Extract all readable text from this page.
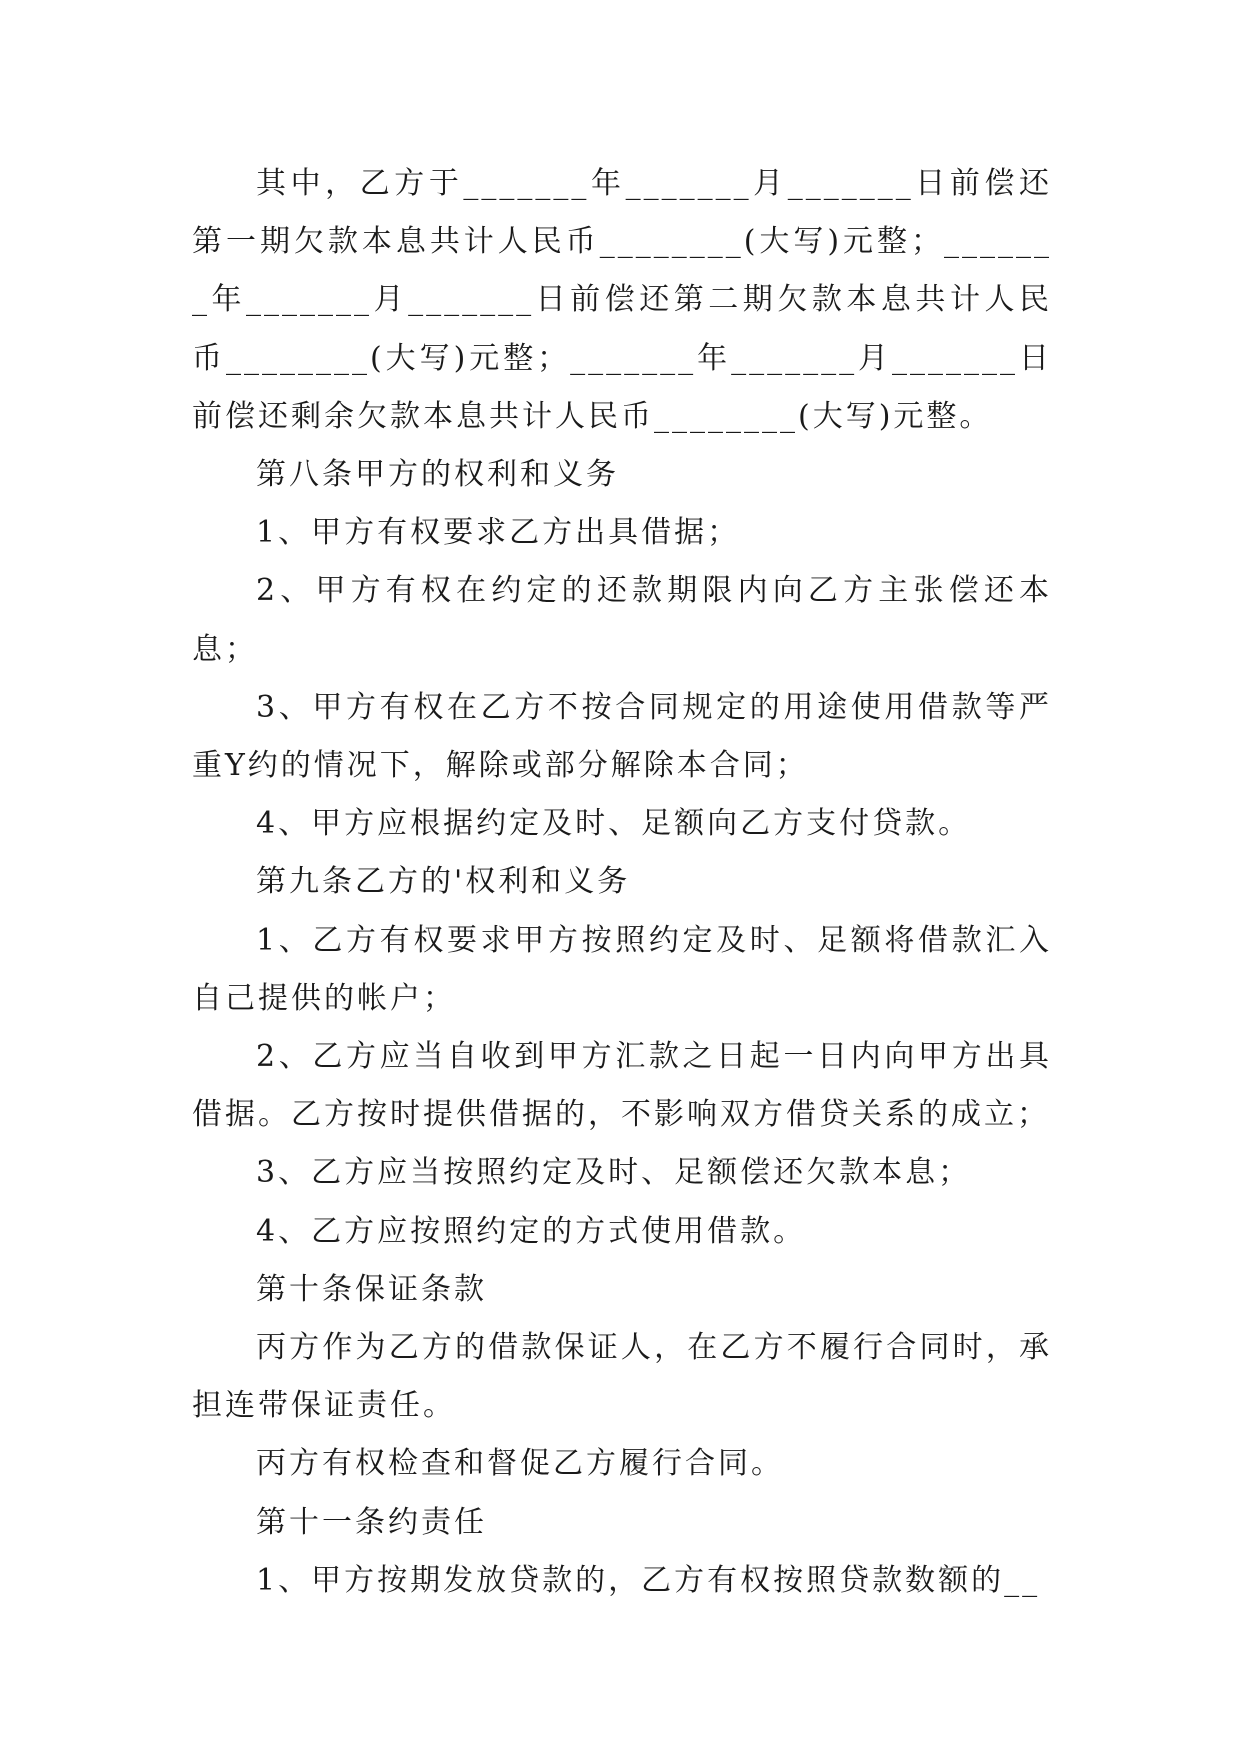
其中，乙方于_______年_______月_______日前偿还第一期欠款本息共计人民币________(大写)元整；_______年_______月_______日前偿还第二期欠款本息共计人民币________(大写)元整；_______年_______月_______日前偿还剩余欠款本息共计人民币________(大写)元整。

第八条甲方的权利和义务

1、甲方有权要求乙方出具借据；

2、甲方有权在约定的还款期限内向乙方主张偿还本息；

3、甲方有权在乙方不按合同规定的用途使用借款等严重Y约的情况下，解除或部分解除本合同；

4、甲方应根据约定及时、足额向乙方支付贷款。

第九条乙方的'权利和义务

1、乙方有权要求甲方按照约定及时、足额将借款汇入自己提供的帐户；

2、乙方应当自收到甲方汇款之日起一日内向甲方出具借据。乙方按时提供借据的，不影响双方借贷关系的成立；

3、乙方应当按照约定及时、足额偿还欠款本息；

4、乙方应按照约定的方式使用借款。

第十条保证条款

丙方作为乙方的借款保证人，在乙方不履行合同时，承担连带保证责任。

丙方有权检查和督促乙方履行合同。

第十一条约责任

1、甲方按期发放贷款的，乙方有权按照贷款数额的__
